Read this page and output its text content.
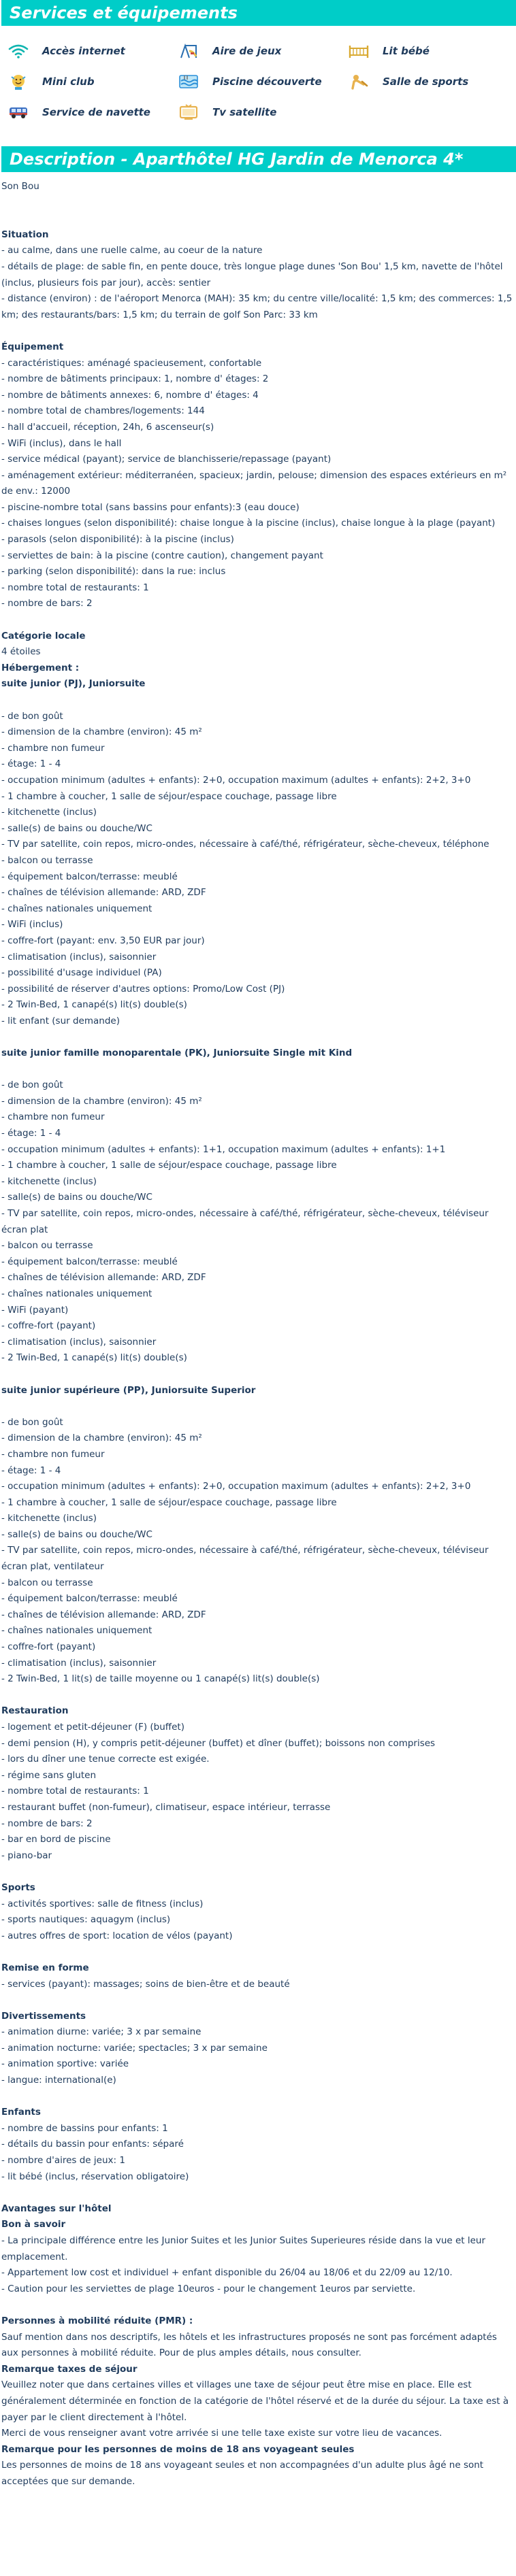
Services et équipements
Accès internet	Aire de jeux	Lit bébé
Mini club	Piscine découverte	Salle de sports
Service de navette	Tv satellite
Description - Aparthôtel HG Jardin de Menorca 4*

Son Bou

Situation

- au calme, dans une ruelle calme, au coeur de la nature

- détails de plage: de sable fin, en pente douce, très longue plage dunes 'Son Bou' 1,5 km, navette de l'hôtel (inclus, plusieurs fois par jour), accès: sentier

- distance (environ) : de l'aéroport Menorca (MAH): 35 km; du centre ville/localité: 1,5 km; des commerces: 1,5 km; des restaurants/bars: 1,5 km; du terrain de golf Son Parc: 33 km

Équipement

- caractéristiques: aménagé spacieusement, confortable

- nombre de bâtiments principaux: 1, nombre d' étages: 2

- nombre de bâtiments annexes: 6, nombre d' étages: 4

- nombre total de chambres/logements: 144

- hall d'accueil, réception, 24h, 6 ascenseur(s)

- WiFi (inclus), dans le hall

- service médical (payant); service de blanchisserie/repassage (payant)

- aménagement extérieur: méditerranéen, spacieux; jardin, pelouse; dimension des espaces extérieurs en m² de env.: 12000

- piscine-nombre total (sans bassins pour enfants):3 (eau douce)

- chaises longues (selon disponibilité): chaise longue à la piscine (inclus), chaise longue à la plage (payant)

- parasols (selon disponibilité): à la piscine (inclus)

- serviettes de bain: à la piscine (contre caution), changement payant

- parking (selon disponibilité): dans la rue: inclus

- nombre total de restaurants: 1

- nombre de bars: 2

Catégorie locale

4 étoiles

Hébergement :

suite junior (PJ), Juniorsuite

- de bon goût

- dimension de la chambre (environ): 45 m²

- chambre non fumeur

- étage: 1 - 4

- occupation minimum (adultes + enfants): 2+0, occupation maximum (adultes + enfants): 2+2, 3+0

- 1 chambre à coucher, 1 salle de séjour/espace couchage, passage libre

- kitchenette (inclus)

- salle(s) de bains ou douche/WC

- TV par satellite, coin repos, micro-ondes, nécessaire à café/thé, réfrigérateur, sèche-cheveux, téléphone

- balcon ou terrasse

- équipement balcon/terrasse: meublé

- chaînes de télévision allemande: ARD, ZDF

- chaînes nationales uniquement

- WiFi (inclus)

- coffre-fort (payant: env. 3,50 EUR par jour)

- climatisation (inclus), saisonnier

- possibilité d'usage individuel (PA)

- possibilité de réserver d'autres options: Promo/Low Cost (PJ)

- 2 Twin-Bed, 1 canapé(s) lit(s) double(s)

- lit enfant (sur demande)

suite junior famille monoparentale (PK), Juniorsuite Single mit Kind

- de bon goût

- dimension de la chambre (environ): 45 m²

- chambre non fumeur

- étage: 1 - 4

- occupation minimum (adultes + enfants): 1+1, occupation maximum (adultes + enfants): 1+1

- 1 chambre à coucher, 1 salle de séjour/espace couchage, passage libre

- kitchenette (inclus)

- salle(s) de bains ou douche/WC

- TV par satellite, coin repos, micro-ondes, nécessaire à café/thé, réfrigérateur, sèche-cheveux, téléviseur écran plat

- balcon ou terrasse

- équipement balcon/terrasse: meublé

- chaînes de télévision allemande: ARD, ZDF

- chaînes nationales uniquement

- WiFi (payant)

- coffre-fort (payant)

- climatisation (inclus), saisonnier

- 2 Twin-Bed, 1 canapé(s) lit(s) double(s)

suite junior supérieure (PP), Juniorsuite Superior

- de bon goût

- dimension de la chambre (environ): 45 m²

- chambre non fumeur

- étage: 1 - 4

- occupation minimum (adultes + enfants): 2+0, occupation maximum (adultes + enfants): 2+2, 3+0

- 1 chambre à coucher, 1 salle de séjour/espace couchage, passage libre

- kitchenette (inclus)

- salle(s) de bains ou douche/WC

- TV par satellite, coin repos, micro-ondes, nécessaire à café/thé, réfrigérateur, sèche-cheveux, téléviseur écran plat, ventilateur

- balcon ou terrasse

- équipement balcon/terrasse: meublé

- chaînes de télévision allemande: ARD, ZDF

- chaînes nationales uniquement

- coffre-fort (payant)

- climatisation (inclus), saisonnier

- 2 Twin-Bed, 1 lit(s) de taille moyenne ou 1 canapé(s) lit(s) double(s)

Restauration

- logement et petit-déjeuner (F) (buffet)

- demi pension (H), y compris petit-déjeuner (buffet) et dîner (buffet); boissons non comprises

- lors du dîner une tenue correcte est exigée.

- régime sans gluten

- nombre total de restaurants: 1

- restaurant buffet (non-fumeur), climatiseur, espace intérieur, terrasse

- nombre de bars: 2

- bar en bord de piscine

- piano-bar

Sports

- activités sportives: salle de fitness (inclus)

- sports nautiques: aquagym (inclus)

- autres offres de sport: location de vélos (payant)

Remise en forme

- services (payant): massages; soins de bien-être et de beauté

Divertissements

- animation diurne: variée; 3 x par semaine

- animation nocturne: variée; spectacles; 3 x par semaine

- animation sportive: variée

- langue: international(e)

Enfants

- nombre de bassins pour enfants: 1

- détails du bassin pour enfants: séparé

- nombre d'aires de jeux: 1

- lit bébé (inclus, réservation obligatoire)

Avantages sur l'hôtel

Bon à savoir

- La principale différence entre les Junior Suites et les Junior Suites Superieures réside dans la vue et leur emplacement.

- Appartement low cost et individuel + enfant disponible du 26/04 au 18/06 et du 22/09 au 12/10.

- Caution pour les serviettes de plage 10euros - pour le changement 1euros par serviette.

Personnes à mobilité réduite (PMR) :

Sauf mention dans nos descriptifs, les hôtels et les infrastructures proposés ne sont pas forcément adaptés aux personnes à mobilité réduite. Pour de plus amples détails, nous consulter.

Remarque taxes de séjour

Veuillez noter que dans certaines villes et villages une taxe de séjour peut être mise en place. Elle est généralement déterminée en fonction de la catégorie de l'hôtel réservé et de la durée du séjour. La taxe est à payer par le client directement à l'hôtel.

Merci de vous renseigner avant votre arrivée si une telle taxe existe sur votre lieu de vacances.

Remarque pour les personnes de moins de 18 ans voyageant seules

Les personnes de moins de 18 ans voyageant seules et non accompagnées d'un adulte plus âgé ne sont acceptées que sur demande.
